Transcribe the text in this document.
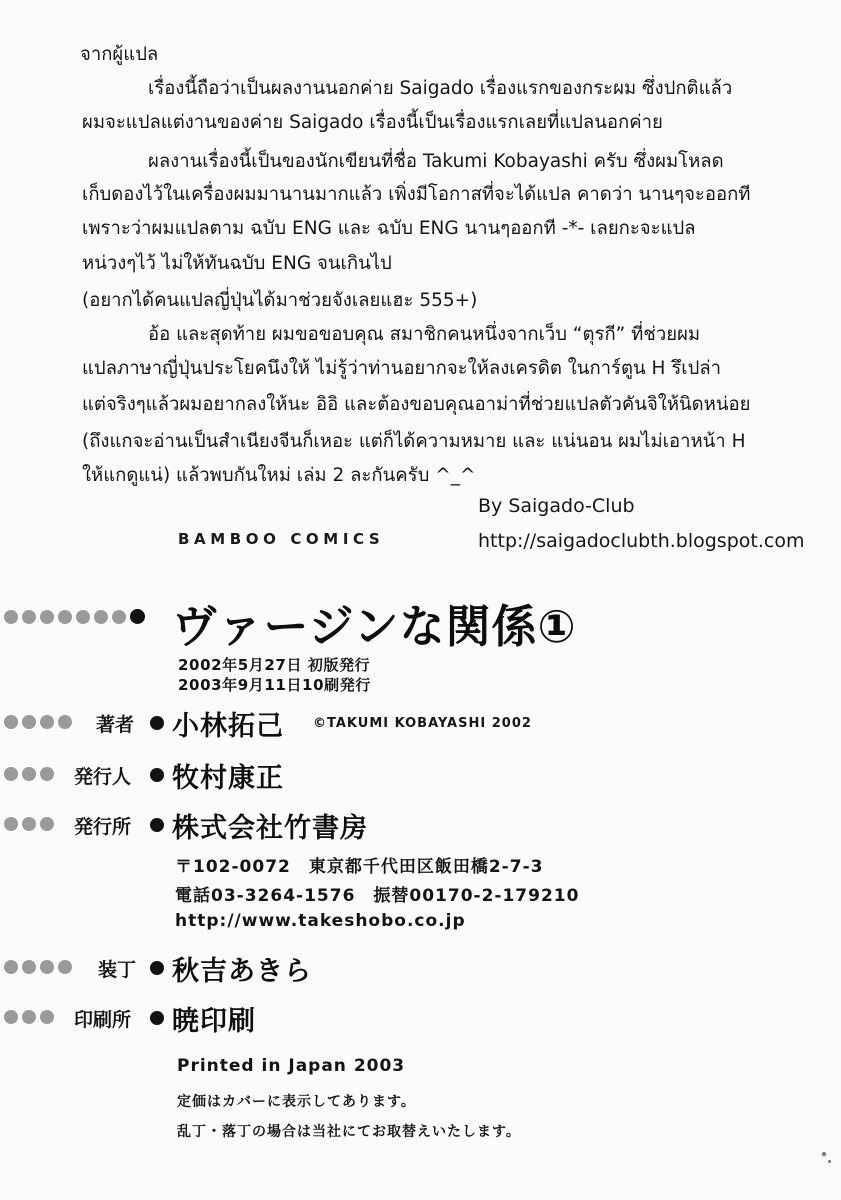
จากผู้แปล

เรื่องนี้ถือว่าเป็นผลงานนอกค่าย Saigado เรื่องแรกของกระผม ซึ่งปกติแล้ว

ผมจะแปลแต่งานของค่าย Saigado เรื่องนี้เป็นเรื่องแรกเลยที่แปลนอกค่าย

ผลงานเรื่องนี้เป็นของนักเขียนที่ชื่อ Takumi Kobayashi ครับ ซึ่งผมโหลด

เก็บดองไว้ในเครื่องผมมานานมากแล้ว เพิ่งมีโอกาสที่จะได้แปล คาดว่า นานๆจะออกที

เพราะว่าผมแปลตาม ฉบับ ENG และ ฉบับ ENG นานๆออกที -*- เลยกะจะแปล

หน่วงๆไว้ ไม่ให้ทันฉบับ ENG จนเกินไป

(อยากได้คนแปลญี่ปุ่นได้มาช่วยจังเลยแฮะ 555+)

อ้อ และสุดท้าย ผมขอขอบคุณ สมาชิกคนหนึ่งจากเว็บ “ตุรกี” ที่ช่วยผม

แปลภาษาญี่ปุ่นประโยคนึงให้ ไม่รู้ว่าท่านอยากจะให้ลงเครดิต ในการ์ตูน H รึเปล่า

แต่จริงๆแล้วผมอยากลงให้นะ อิอิ และต้องขอบคุณอาม่าที่ช่วยแปลตัวคันจิให้นิดหน่อย

(ถึงแกจะอ่านเป็นสำเนียงจีนก็เหอะ แต่ก็ได้ความหมาย และ แน่นอน ผมไม่เอาหน้า H

ให้แกดูแน่) แล้วพบกันใหม่ เล่ม 2 ละกันครับ ^_^

By Saigado-Club
http://saigadoclubth.blogspot.com
BAMBOO COMICS
ヴァージンな関係①
2002年5月27日 初版発行
2003年9月11日10刷発行
著者 小林拓己 ©TAKUMI KOBAYASHI 2002
発行人 牧村康正
発行所 株式会社竹書房
〒102-0072　東京都千代田区飯田橋2-7-3
電話03-3264-1576　振替00170-2-179210
http://www.takeshobo.co.jp
装丁 秋吉あきら
印刷所 暁印刷
Printed in Japan 2003
定価はカバーに表示してあります。
乱丁・落丁の場合は当社にてお取替えいたします。
